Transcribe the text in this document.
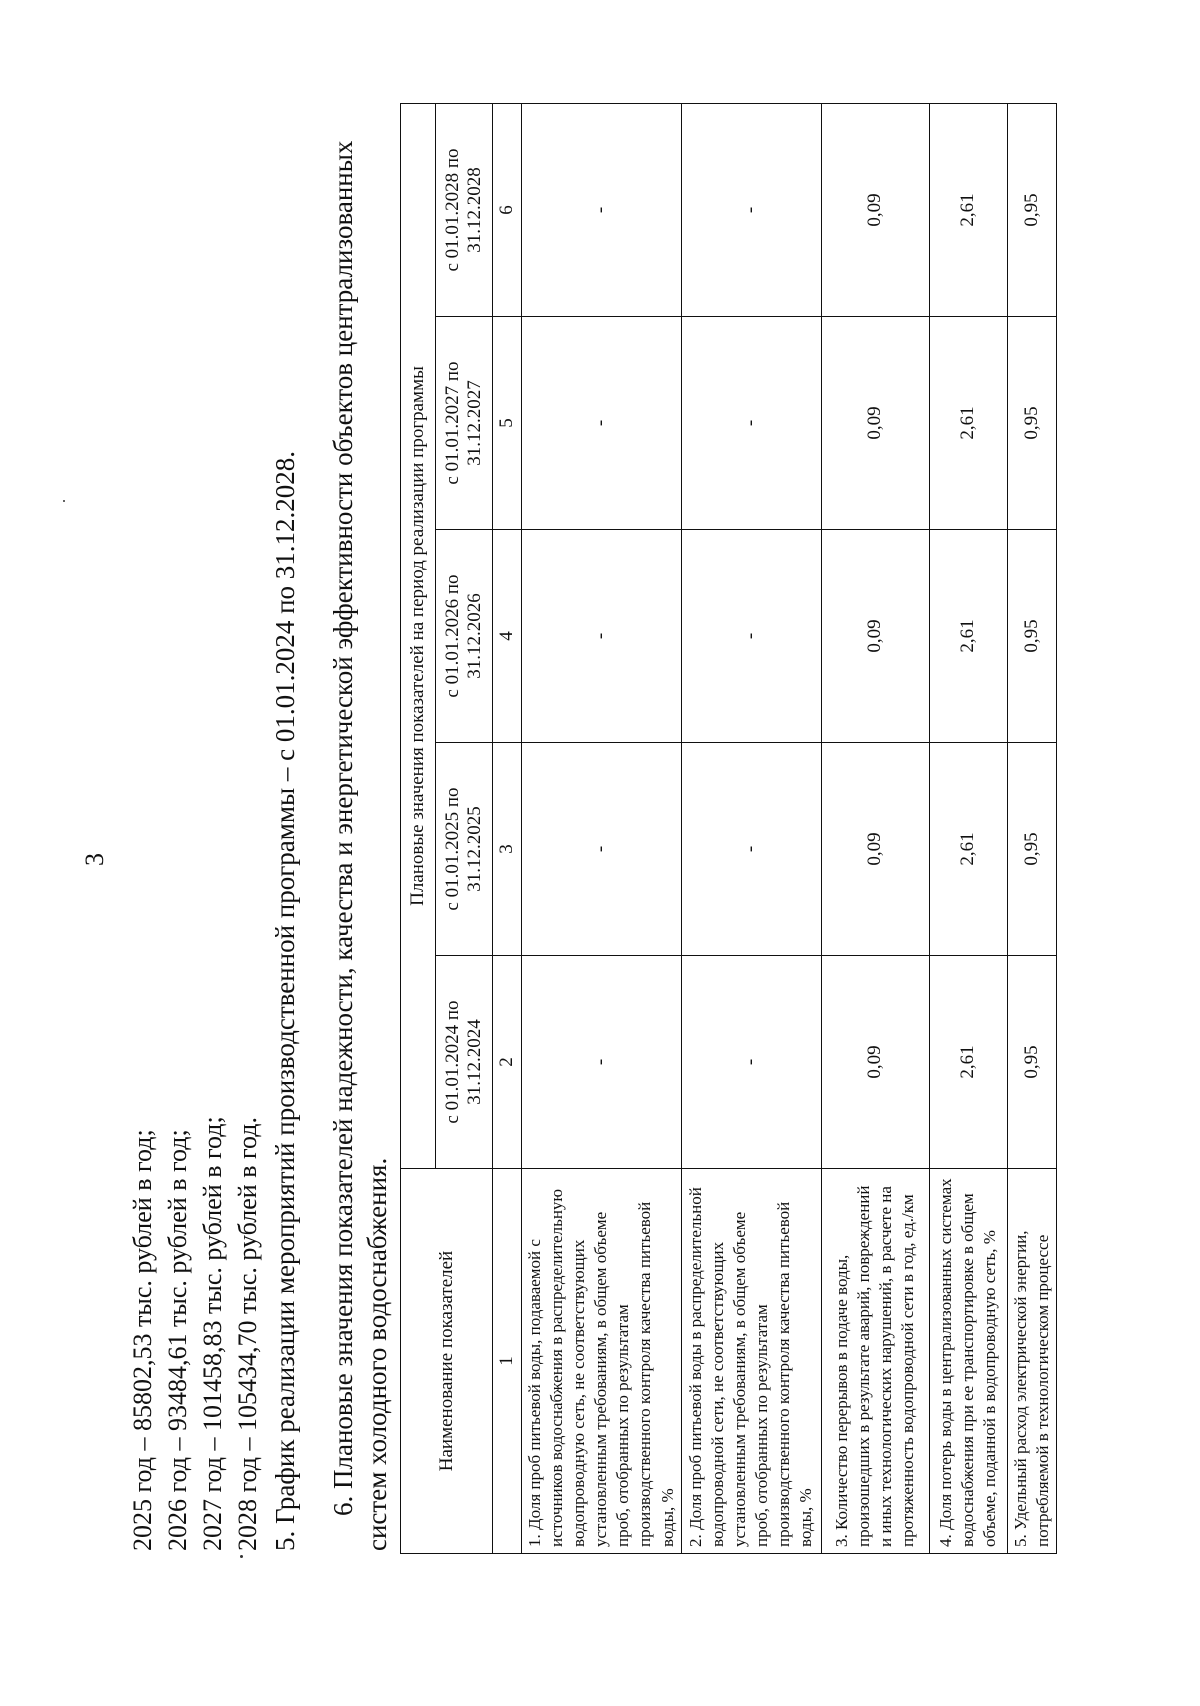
3
2025 год – 85802,53 тыс. рублей в год; 2026 год – 93484,61 тыс. рублей в год; 2027 год – 101458,83 тыс. рублей в год; 2028 год – 105434,70 тыс. рублей в год. 5. График реализации мероприятий производственной программы – с 01.01.2024 по 31.12.2028. 6. Плановые значения показателей надежности, качества и энергетической эффективности объектов централизованных систем холодного водоснабжения. Наименование показателей	Плановые значения показателей на период реализации программы				
	с 01.01.2024 по 31.12.2024	с 01.01.2025 по 31.12.2025	с 01.01.2026 по 31.12.2026	с 01.01.2027 по 31.12.2027	с 01.01.2028 по 31.12.2028
1	2	3	4	5	6
1. Доля проб питьевой воды, подаваемой с источников водоснабжения в распределительную водопроводную сеть, не соответствующих установленным требованиям, в общем объеме проб, отобранных по результатам производственного контроля качества питьевой воды, %	-	-	-	-	-
2. Доля проб питьевой воды в распределительной водопроводной сети, не соответствующих установленным требованиям, в общем объеме проб, отобранных по результатам производственного контроля качества питьевой воды, %	-	-	-	-	-
3. Количество перерывов в подаче воды, произошедших в результате аварий, повреждений и иных технологических нарушений, в расчете на протяженность водопроводной сети в год, ед./км	0,09	0,09	0,09	0,09	0,09
4. Доля потерь воды в централизованных системах водоснабжения при ее транспортировке в общем объеме, поданной в водопроводную сеть, %	2,61	2,61	2,61	2,61	2,61
5. Удельный расход электрической энергии, потребляемой в технологическом процессе	0,95	0,95	0,95	0,95	0,95
